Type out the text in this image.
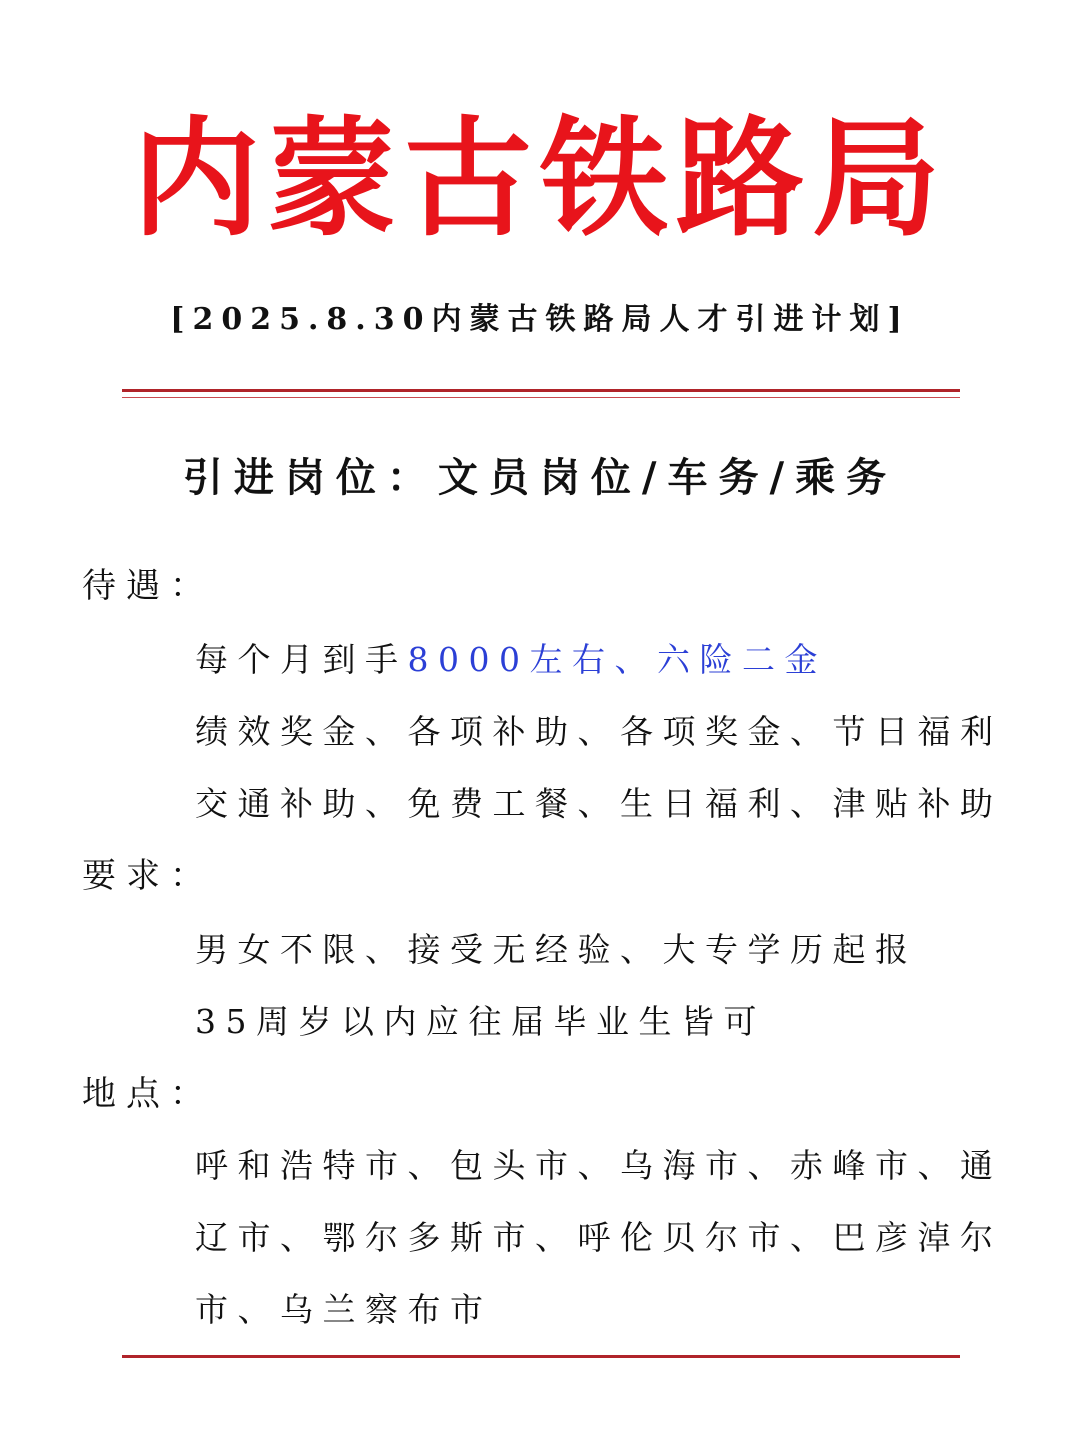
内蒙古铁路局
[2025.8.30内蒙古铁路局人才引进计划]
引进岗位：文员岗位/车务/乘务
待遇：
每个月到手8000左右、六险二金
绩效奖金、各项补助、各项奖金、节日福利
交通补助、免费工餐、生日福利、津贴补助
要求：
男女不限、接受无经验、大专学历起报
35周岁以内应往届毕业生皆可
地点：
呼和浩特市、包头市、乌海市、赤峰市、通
辽市、鄂尔多斯市、呼伦贝尔市、巴彦淖尔
市、乌兰察布市
